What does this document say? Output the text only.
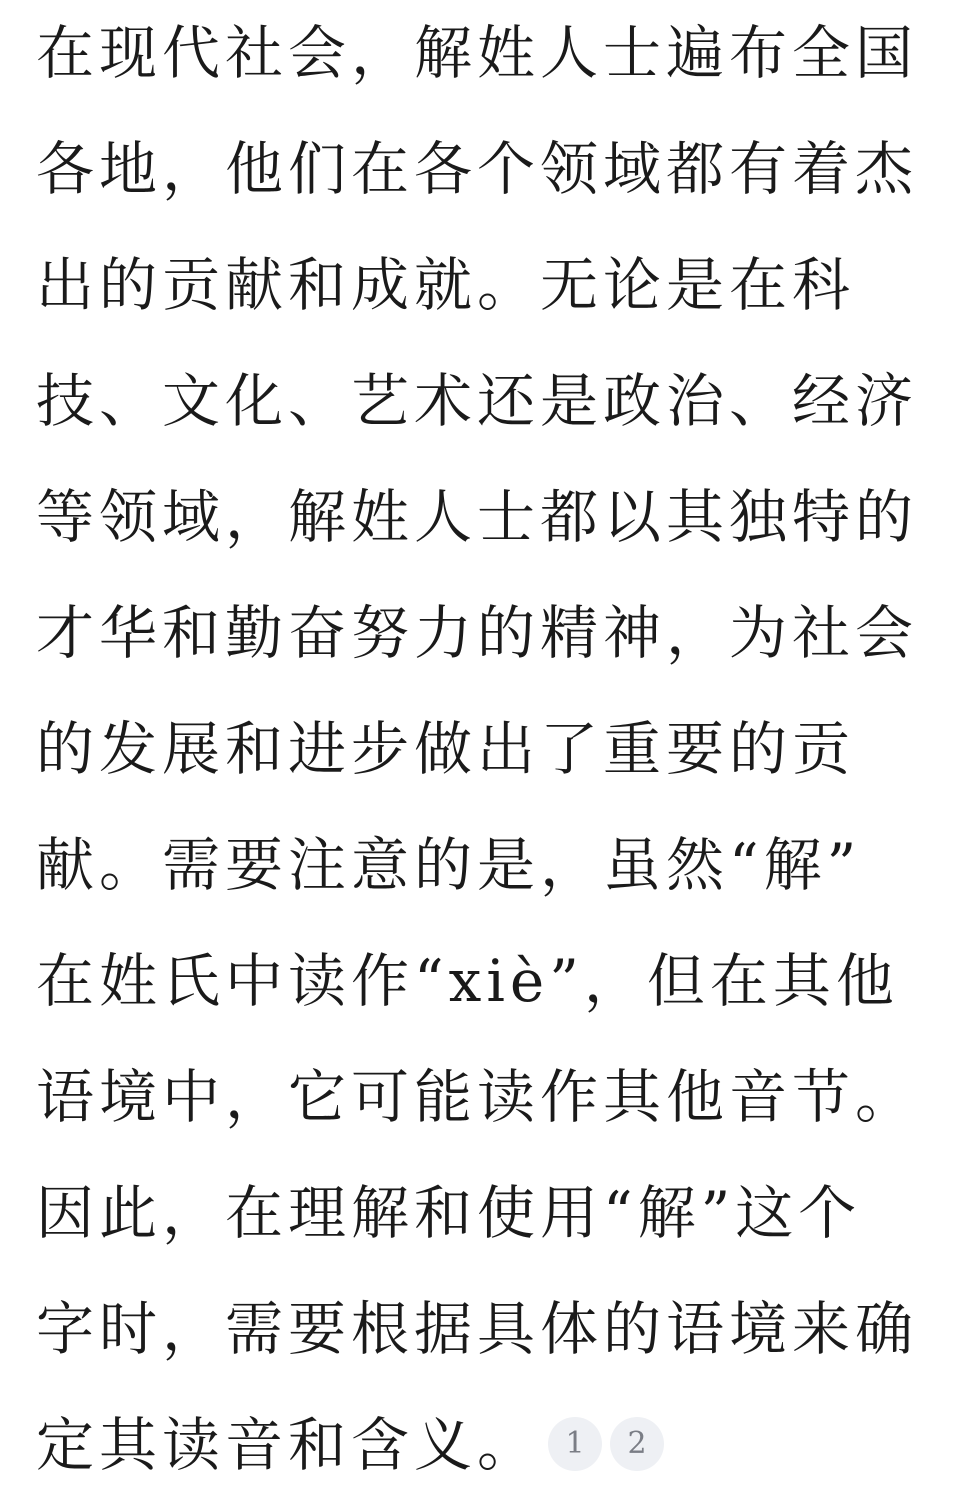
在现代社会，解姓人士遍布全国
各地，他们在各个领域都有着杰
出的贡献和成就。无论是在科
技、文化、艺术还是政治、经济
等领域，解姓人士都以其独特的
才华和勤奋努力的精神，为社会
的发展和进步做出了重要的贡
献。需要注意的是，虽然“解”
在姓氏中读作“xiè”，但在其他
语境中，它可能读作其他音节。
因此，在理解和使用“解”这个
字时，需要根据具体的语境来确
定其读音和含义。 1 2
